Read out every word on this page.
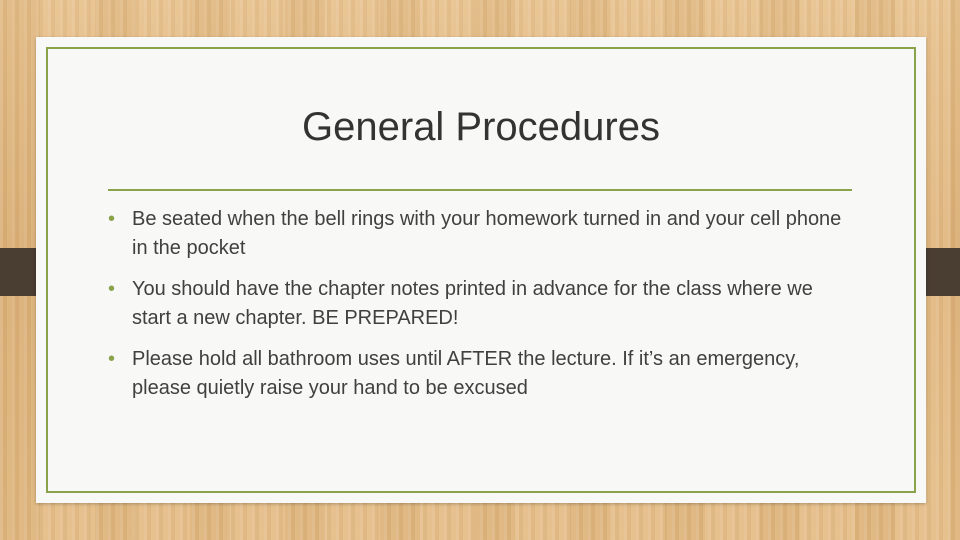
General Procedures
• Be seated when the bell rings with your homework turned in and your cell phone in the pocket
• You should have the chapter notes printed in advance for the class where we start a new chapter. BE PREPARED!
• Please hold all bathroom uses until AFTER the lecture. If it’s an emergency, please quietly raise your hand to be excused
